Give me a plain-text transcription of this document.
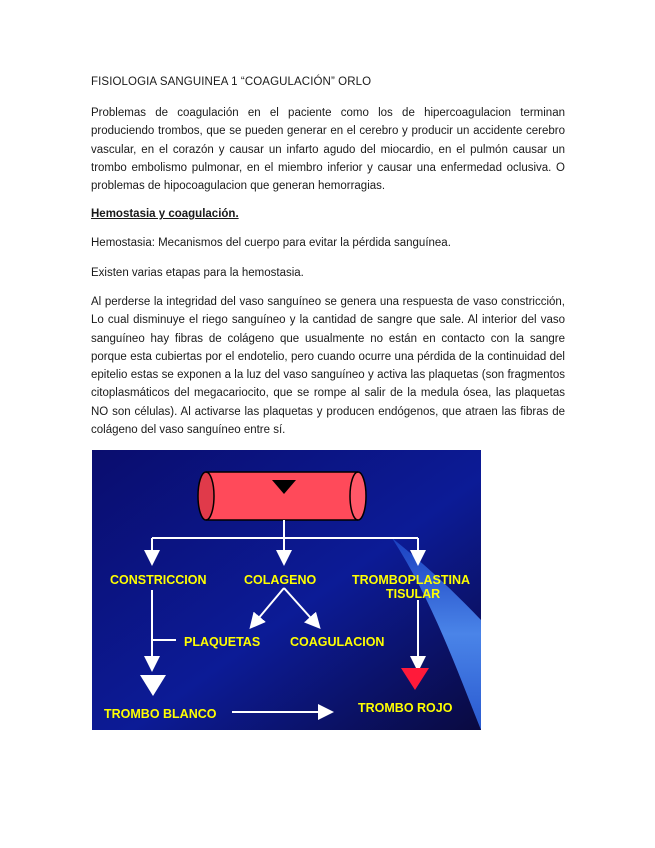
FISIOLOGIA SANGUINEA 1 “COAGULACIÓN” ORLO

Problemas de coagulación en el paciente como los de hipercoagulacion terminan produciendo trombos, que se pueden generar en el cerebro y producir un accidente cerebro vascular, en el corazón y causar un infarto agudo del miocardio, en el pulmón causar un trombo embolismo pulmonar, en el miembro inferior y causar una enfermedad oclusiva. O problemas de hipocoagulacion que generan hemorragias.

Hemostasia y coagulación.

Hemostasia: Mecanismos del cuerpo para evitar la pérdida sanguínea.

Existen varias etapas para la hemostasia.

Al perderse la integridad del vaso sanguíneo se genera una respuesta de vaso constricción, Lo cual disminuye el riego sanguíneo y la cantidad de sangre que sale. Al interior del vaso sanguíneo hay fibras de colágeno que usualmente no están en contacto con la sangre porque esta cubiertas por el endotelio, pero cuando ocurre una pérdida de la continuidad del epitelio estas se exponen a la luz del vaso sanguíneo y activa las plaquetas (son fragmentos citoplasmáticos del megacariocito, que se rompe al salir de la medula ósea, las plaquetas NO son células). Al activarse las plaquetas y producen endógenos, que atraen las fibras de colágeno del vaso sanguíneo entre sí.

CONSTRICCION	COLAGENO	TROMBOPLASTINA
TISULAR
PLAQUETAS COAGULACION
TROMBO BLANCO	TROMBO ROJO
